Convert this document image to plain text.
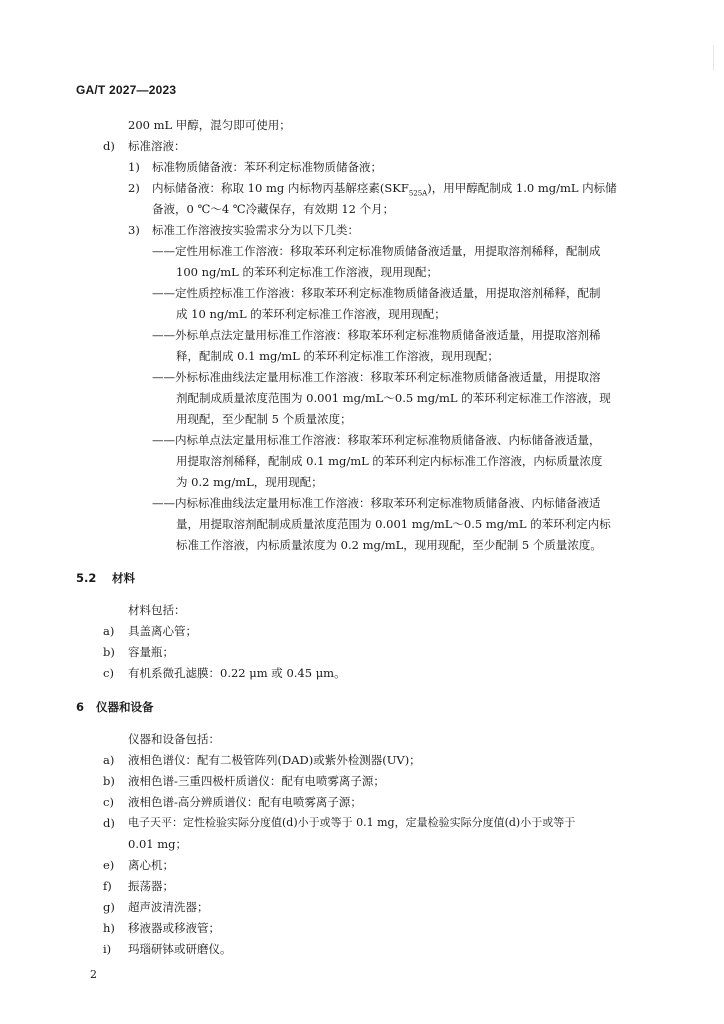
GA/T 2027—2023
200 mL 甲醇，混匀即可使用；
d) 标准溶液：
1) 标准物质储备液：苯环利定标准物质储备液；
2) 内标储备液：称取 10 mg 内标物丙基解痉素$(SKF_{525A})$，用甲醇配制成 1.0 mg/mL 内标储
备液，0 ℃～4 ℃冷藏保存，有效期 12 个月；
3) 标准工作溶液按实验需求分为以下几类：
——定性用标准工作溶液：移取苯环利定标准物质储备液适量，用提取溶剂稀释，配制成
100 ng/mL 的苯环利定标准工作溶液，现用现配；
——定性质控标准工作溶液：移取苯环利定标准物质储备液适量，用提取溶剂稀释，配制
成 10 ng/mL 的苯环利定标准工作溶液，现用现配；
——外标单点法定量用标准工作溶液：移取苯环利定标准物质储备液适量，用提取溶剂稀
释，配制成 0.1 mg/mL 的苯环利定标准工作溶液，现用现配；
——外标标准曲线法定量用标准工作溶液：移取苯环利定标准物质储备液适量，用提取溶
剂配制成质量浓度范围为 0.001 mg/mL～0.5 mg/mL 的苯环利定标准工作溶液，现
用现配，至少配制 5 个质量浓度；
——内标单点法定量用标准工作溶液：移取苯环利定标准物质储备液、内标储备液适量，
用提取溶剂稀释，配制成 0.1 mg/mL 的苯环利定内标标准工作溶液，内标质量浓度
为 0.2 mg/mL，现用现配；
——内标标准曲线法定量用标准工作溶液：移取苯环利定标准物质储备液、内标储备液适
量，用提取溶剂配制成质量浓度范围为 0.001 mg/mL～0.5 mg/mL 的苯环利定内标
标准工作溶液，内标质量浓度为 0.2 mg/mL，现用现配，至少配制 5 个质量浓度。
5.2 材料
材料包括：
a) 具盖离心管；
b) 容量瓶；
c) 有机系微孔滤膜：0.22 μm 或 0.45 μm。
6 仪器和设备
仪器和设备包括：
a) 液相色谱仪：配有二极管阵列(DAD)或紫外检测器(UV)；
b) 液相色谱-三重四极杆质谱仪：配有电喷雾离子源；
c) 液相色谱-高分辨质谱仪：配有电喷雾离子源；
d) 电子天平：定性检验实际分度值(d)小于或等于 0.1 mg，定量检验实际分度值(d)小于或等于
0.01 mg；
e) 离心机；
f) 振荡器；
g) 超声波清洗器；
h) 移液器或移液管；
i) 玛瑙研钵或研磨仪。
2
